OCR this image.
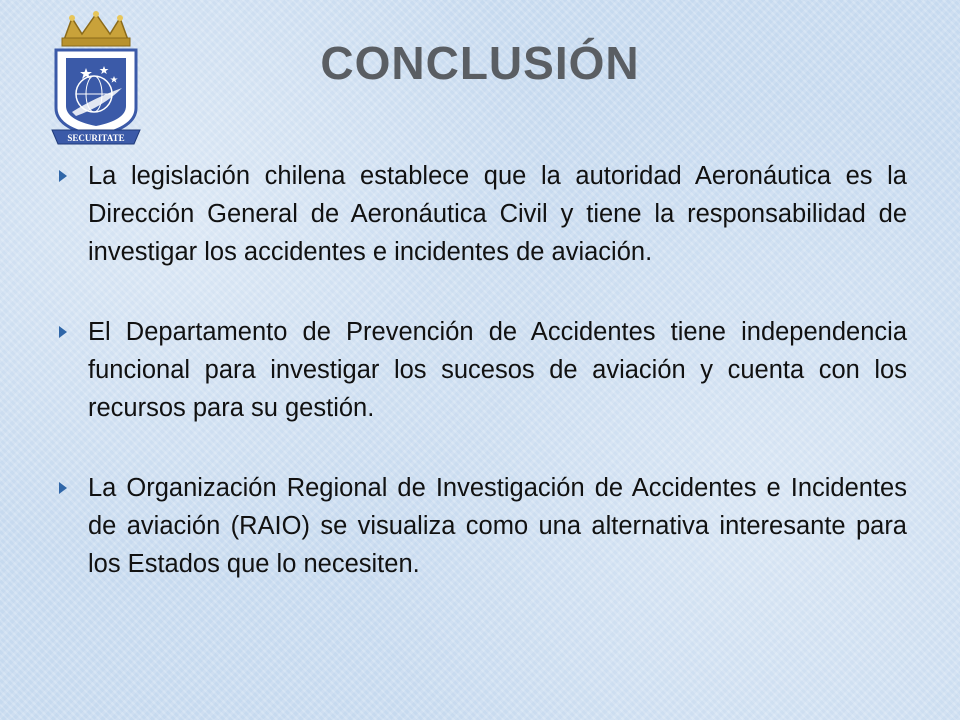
SECURITATE
CONCLUSIÓN
La legislación chilena establece que la autoridad Aeronáutica es la Dirección General de Aeronáutica Civil y tiene la responsabilidad de investigar los accidentes e incidentes de aviación.
El Departamento de Prevención de Accidentes tiene independencia funcional para investigar los sucesos de aviación y cuenta con los recursos para su gestión.
La Organización Regional de Investigación de Accidentes e Incidentes de aviación (RAIO) se visualiza como una alternativa interesante para los Estados que lo necesiten.
